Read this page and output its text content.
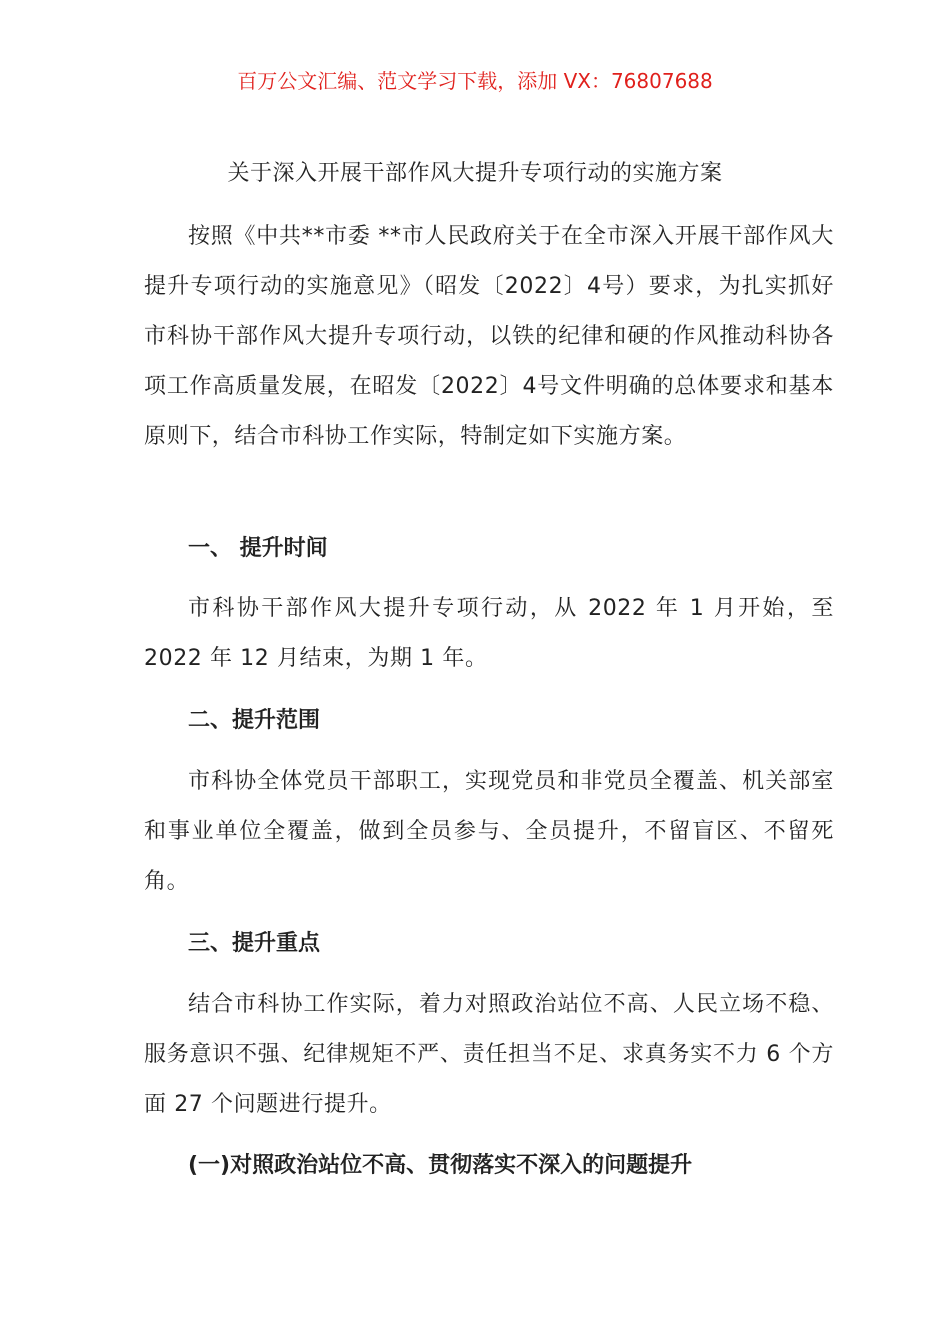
百万公文汇编、范文学习下载，添加 VX：76807688
关于深入开展干部作风大提升专项行动的实施方案

按照《中共**市委 **市人民政府关于在全市深入开展干部作风大提升专项行动的实施意见》（昭发〔2022〕4号）要求，为扎实抓好市科协干部作风大提升专项行动，以铁的纪律和硬的作风推动科协各项工作高质量发展，在昭发〔2022〕4号文件明确的总体要求和基本原则下，结合市科协工作实际，特制定如下实施方案。

一、 提升时间

市科协干部作风大提升专项行动，从 2022 年 1 月开始，至 2022 年 12 月结束，为期 1 年。

二、提升范围

市科协全体党员干部职工，实现党员和非党员全覆盖、机关部室和事业单位全覆盖，做到全员参与、全员提升，不留盲区、不留死角。

三、提升重点

结合市科协工作实际，着力对照政治站位不高、人民立场不稳、服务意识不强、纪律规矩不严、责任担当不足、求真务实不力 6 个方面 27 个问题进行提升。

(一)对照政治站位不高、贯彻落实不深入的问题提升
